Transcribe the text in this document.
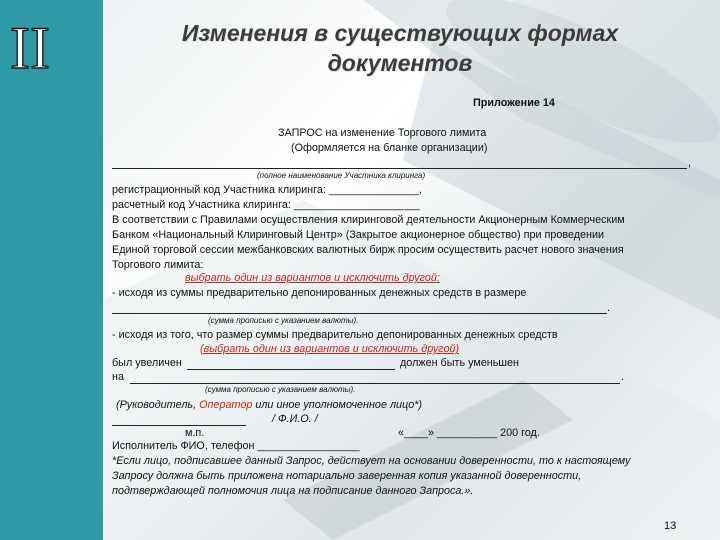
II	Изменения в существующих формах
документов
Приложение 14
ЗАПРОС на изменение Торгового лимита
(Оформляется на бланке организации)
,
(полное наименование Участника клиринга)
регистрационный код Участника клиринга: _______________,
расчетный код Участника клиринга: _____________________
В соответствии с Правилами осуществления клиринговой деятельности Акционерным Коммерческим
Банком «Национальный Клиринговый Центр» (Закрытое акционерное общество) при проведении
Единой торговой сессии межбанковских валютных бирж просим осуществить расчет нового значения
Торгового лимита:
выбрать один из вариантов и исключить другой:
- исходя из суммы предварительно депонированных денежных средств в размере
.
(сумма прописью с указанием валюты).
- исходя из того, что размер суммы предварительно депонированных денежных средств
(выбрать один из вариантов и исключить другой)
был увеличен	должен быть уменьшен
на	.
(сумма прописью с указанием валюты).
(Руководитель, Оператор или иное уполномоченное лицо*)
/ Ф.И.О. /
м.п.	«____» __________ 200 год.
Исполнитель ФИО, телефон _________________
*Если лицо, подписавшее данный Запрос, действует на основании доверенности, то к настоящему
Запросу должна быть приложена нотариально заверенная копия указанной доверенности,
подтверждающей полномочия лица на подписание данного Запроса.».
13
